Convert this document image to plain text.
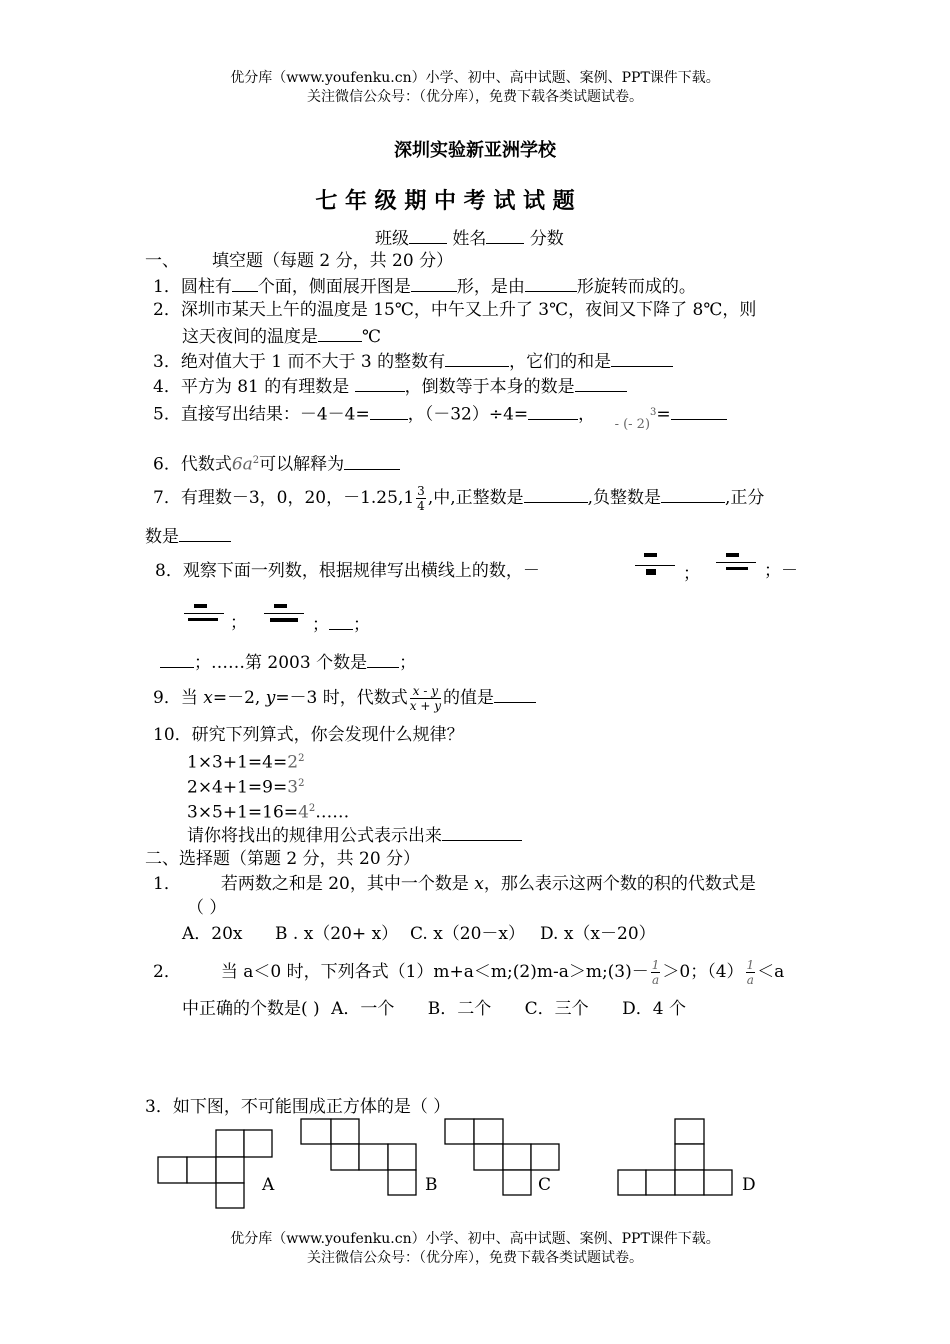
优分库（www.youfenku.cn）小学、初中、高中试题、案例、PPT课件下载。
关注微信公众号：（优分库），免费下载各类试题试卷。
深圳实验新亚洲学校
七 年 级 期 中 考 试 试 题
班级	姓名	分数
一、 填空题（每题 2 分，共 20 分）
1．圆柱有 个面，侧面展开图是	形，是由	形旋转而成的。
2．深圳市某天上午的温度是 15℃，中午又上升了 3℃，夜间又下降了 8℃，则
这天夜间的温度是	℃
3．绝对值大于 1 而不大于 3 的整数有	，它们的和是
4．平方为 81 的有理数是	，倒数等于本身的数是
5．直接写出结果：－4－4= ，（－32）÷4=	， $_{- (- 2)}^3$=
6．代数式$6a^2$可以解释为
7．有理数－3，0，20，$-1.25,1 \frac{3}{4}$ ,中,正整数是	,负整数是	,正分
数是
8．观察下面一列数，根据规律写出横线上的数，－	；	；－
；	； ；
；……第 2003 个数是 ；
9．当 x=－2, y=－3 时，代数式 $\frac{x - y}{x + y}$ 的值是
10．研究下列算式，你会发现什么规律？
$1\times 3+1=4=2^2$
$2\times 4+1=9=3^2$
$3\times 5+1=16=4^2\dots\dots$
请你将找出的规律用公式表示出来
二、选择题（第题 2 分，共 20 分）
1． 若两数之和是 20，其中一个数是 x，那么表示这两个数的积的代数式是
（ ）
A．20x B . x（20+ x） C. x（20－x） D. x（x－20）
2． 当 a＜0 时，下列各式（1）m+a＜m;(2)m-a＞m;(3)－ $\frac{1}{a} >0$；$(4) \frac{1}{a} <a$
中正确的个数是( ) A．一个 B．二个 C．三个 D．4 个
3．如下图，不可能围成正方体的是（ ）
A	B	C	D
优分库（www.youfenku.cn）小学、初中、高中试题、案例、PPT课件下载。
关注微信公众号：（优分库），免费下载各类试题试卷。
